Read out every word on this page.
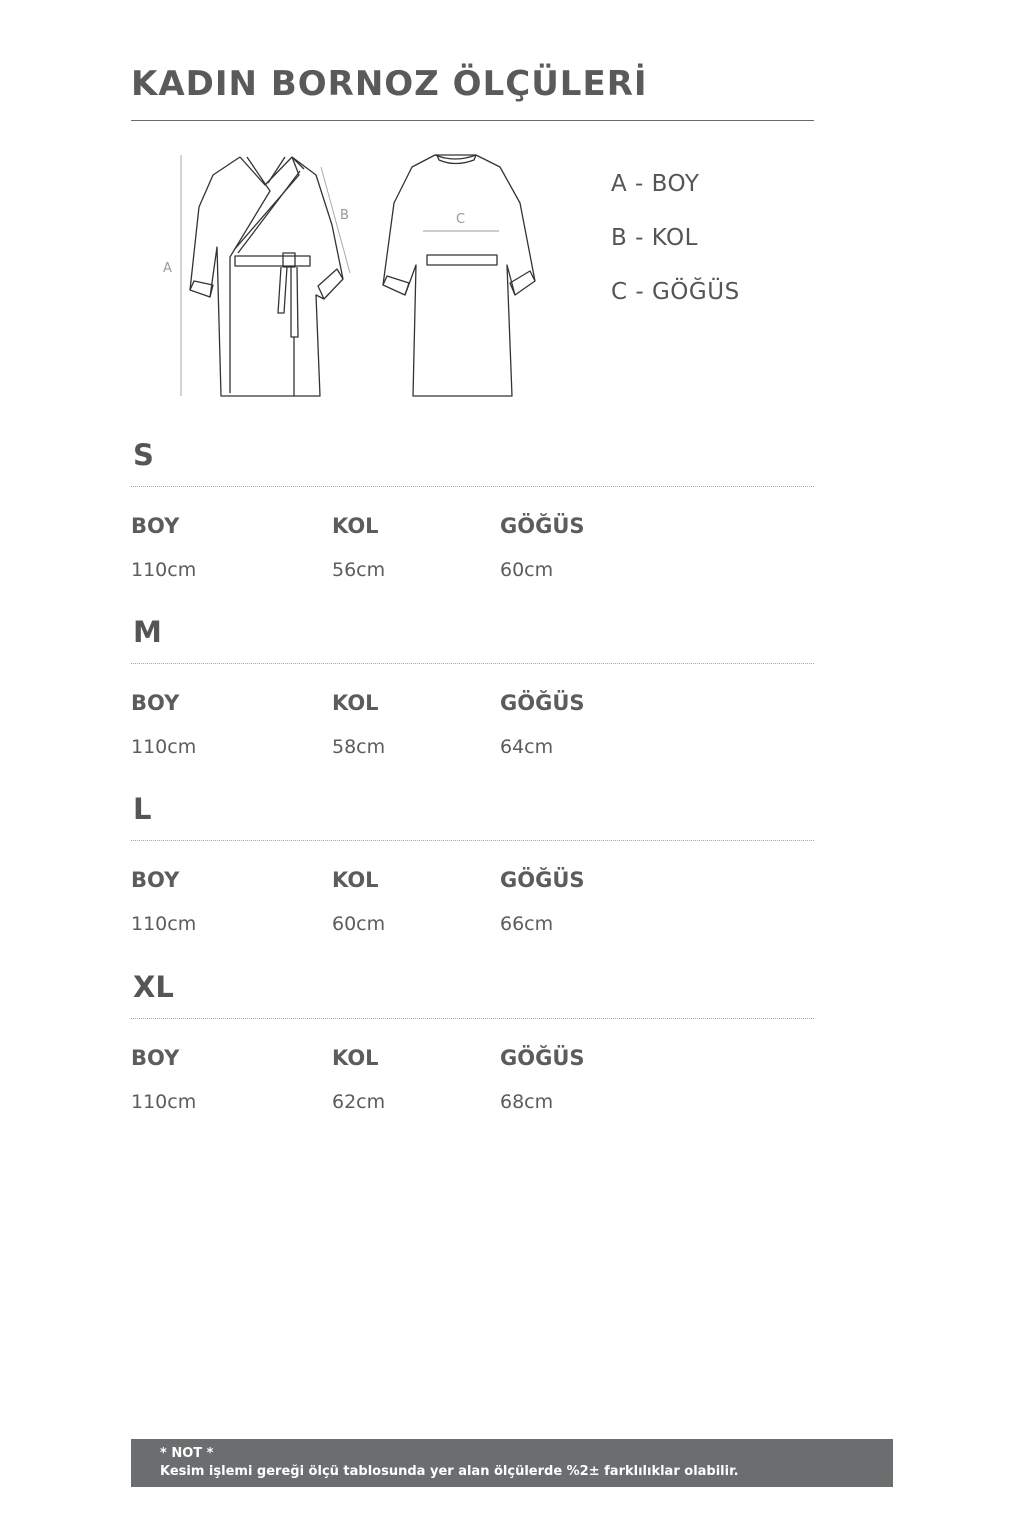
KADIN BORNOZ ÖLÇÜLERİ
A
B	C
A - BOY
B - KOL
C - GÖĞÜS
S
BOY
110cm
KOL
56cm
GÖĞÜS
60cm
M
BOY
110cm
KOL
58cm
GÖĞÜS
64cm
L
BOY
110cm
KOL
60cm
GÖĞÜS
66cm
XL
BOY
110cm
KOL
62cm
GÖĞÜS
68cm
* NOT *
Kesim işlemi gereği ölçü tablosunda yer alan ölçülerde %2± farklılıklar olabilir.
